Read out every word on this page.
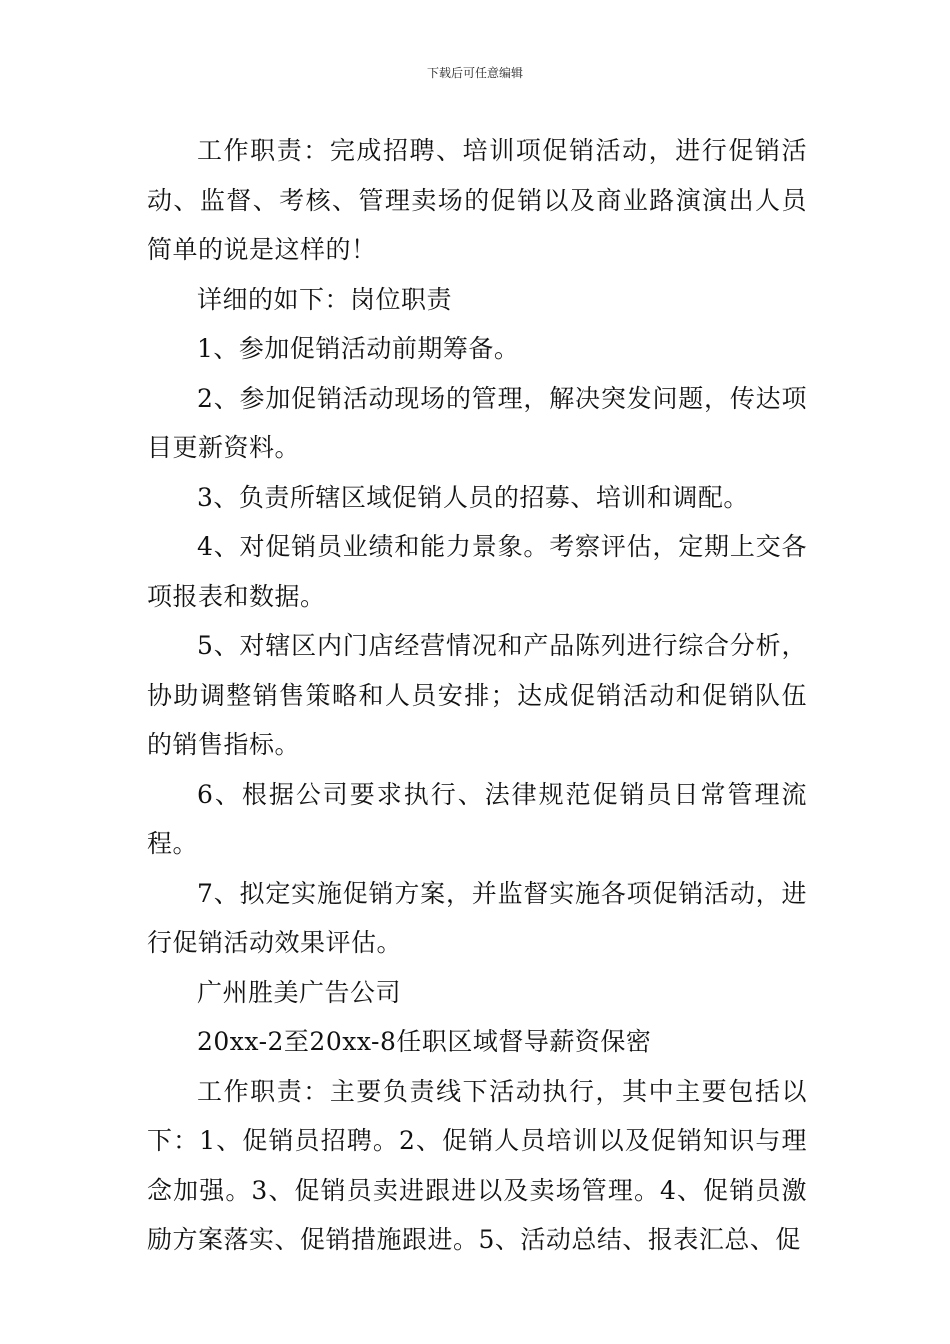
下载后可任意编辑

工作职责：完成招聘、培训项促销活动，进行促销活动、监督、考核、管理卖场的促销以及商业路演演出人员简单的说是这样的！

详细的如下：岗位职责

1、参加促销活动前期筹备。

2、参加促销活动现场的管理，解决突发问题，传达项目更新资料。

3、负责所辖区域促销人员的招募、培训和调配。

4、对促销员业绩和能力景象。考察评估，定期上交各项报表和数据。

5、对辖区内门店经营情况和产品陈列进行综合分析，协助调整销售策略和人员安排；达成促销活动和促销队伍的销售指标。

6、根据公司要求执行、法律规范促销员日常管理流程。

7、拟定实施促销方案，并监督实施各项促销活动，进行促销活动效果评估。

广州胜美广告公司

20xx-2至20xx-8任职区域督导薪资保密

工作职责：主要负责线下活动执行，其中主要包括以下：1、促销员招聘。2、促销人员培训以及促销知识与理念加强。3、促销员卖进跟进以及卖场管理。4、促销员激励方案落实、促销措施跟进。5、活动总结、报表汇总、促
